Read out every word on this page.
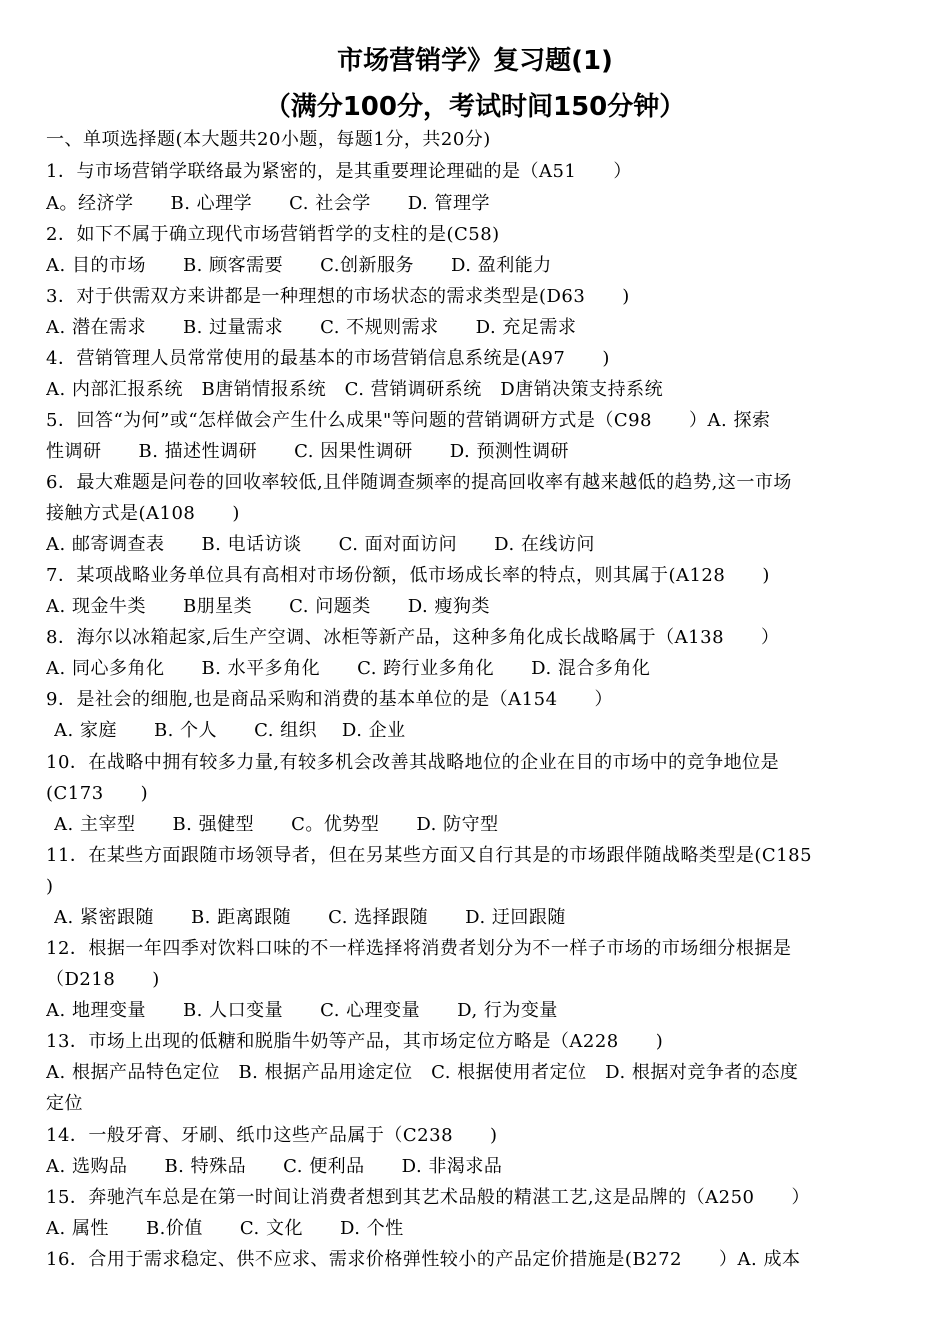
市场营销学》复习题(1)
（满分100分，考试时间150分钟）
一、单项选择题(本大题共20小题，每题1分，共20分)
1．与市场营销学联络最为紧密的，是其重要理论理础的是（A51　　）
A。经济学　　B. 心理学　　C. 社会学　　D. 管理学
2．如下不属于确立现代市场营销哲学的支柱的是(C58)
A. 目的市场　　B. 顾客需要　　C.创新服务　　D. 盈利能力
3．对于供需双方来讲都是一种理想的市场状态的需求类型是(D63　　)
A. 潜在需求　　B. 过量需求　　C. 不规则需求　　D. 充足需求
4．营销管理人员常常使用的最基本的市场营销信息系统是(A97　　)
A. 内部汇报系统　B唐销情报系统　C. 营销调研系统　D唐销决策支持系统
5．回答“为何”或“怎样做会产生什么成果"等问题的营销调研方式是（C98　　）A. 探索
性调研　　B. 描述性调研　　C. 因果性调研　　D. 预测性调研
6．最大难题是问卷的回收率较低,且伴随调查频率的提高回收率有越来越低的趋势,这一市场
接触方式是(A108　　)
A. 邮寄调查表　　B. 电话访谈　　C. 面对面访问　　D. 在线访问
7．某项战略业务单位具有高相对市场份额，低市场成长率的特点，则其属于(A128　　)
A. 现金牛类　　B朋星类　　C. 问题类　　D. 瘦狗类
8．海尔以冰箱起家,后生产空调、冰柜等新产品，这种多角化成长战略属于（A138　　）
A. 同心多角化　　B. 水平多角化　　C. 跨行业多角化　　D. 混合多角化
9．是社会的细胞,也是商品采购和消费的基本单位的是（A154　　）
A. 家庭　　B. 个人　　C. 组织　 D. 企业
10．在战略中拥有较多力量,有较多机会改善其战略地位的企业在目的市场中的竞争地位是
(C173　　)
A. 主宰型　　B. 强健型　　C。优势型　　D. 防守型
11．在某些方面跟随市场领导者，但在另某些方面又自行其是的市场跟伴随战略类型是(C185
)
A. 紧密跟随　　B. 距离跟随　　C. 选择跟随　　D. 迂回跟随
12．根据一年四季对饮料口味的不一样选择将消费者划分为不一样子市场的市场细分根据是
（D218　　)
A. 地理变量　　B. 人口变量　　C. 心理变量　　D, 行为变量
13．市场上出现的低糖和脱脂牛奶等产品，其市场定位方略是（A228　　)
A. 根据产品特色定位　B. 根据产品用途定位　C. 根据使用者定位　D. 根据对竞争者的态度
定位
14．一般牙膏、牙刷、纸巾这些产品属于（C238　　)
A. 选购品　　B. 特殊品　　C. 便利品　　D. 非渴求品
15．奔驰汽车总是在第一时间让消费者想到其艺术品般的精湛工艺,这是品牌的（A250　　）
A. 属性　　B.价值　　C. 文化　　D. 个性
16．合用于需求稳定、供不应求、需求价格弹性较小的产品定价措施是(B272　　）A. 成本
